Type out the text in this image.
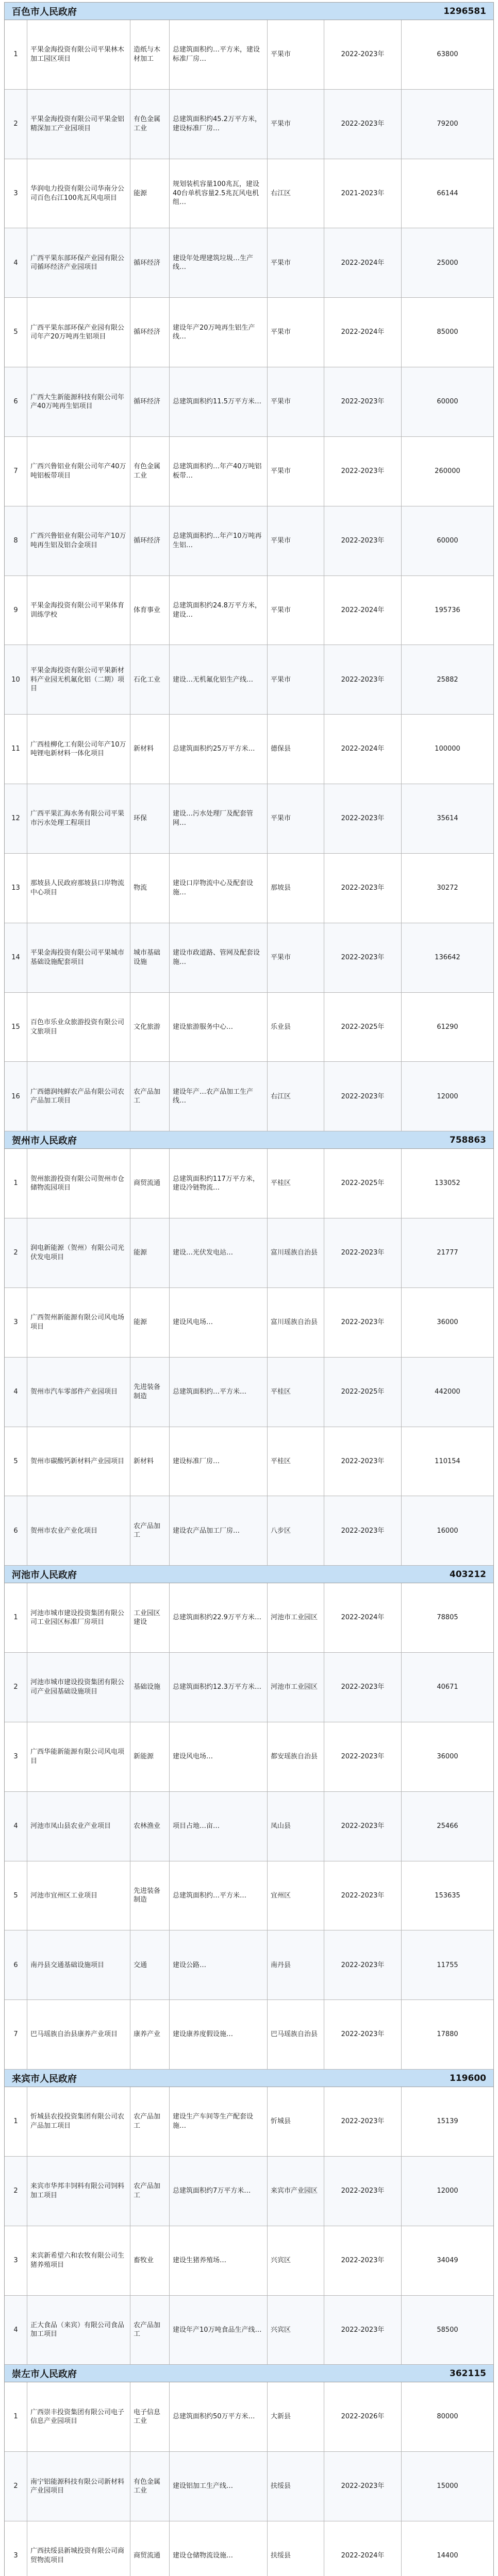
百色市人民政府	1296581
1
平果金海投资有限公司平果林木加工园区项目
造纸与木材加工
总建筑面积约…平方米，建设标准厂房…
平果市	2022-2023年	63800
2
平果金海投资有限公司平果金铝精深加工产业园项目
有色金属工业
总建筑面积约45.2万平方米，建设标准厂房…
平果市	2022-2023年	79200
3
华润电力投资有限公司华南分公司百色右江100兆瓦风电项目
能源
规划装机容量100兆瓦，建设40台单机容量2.5兆瓦风电机组…
右江区	2021-2023年	66144
4
广西平果东部环保产业园有限公司循环经济产业园项目
循环经济
建设年处理建筑垃圾…生产线…
平果市	2022-2024年	25000
5
广西平果东部环保产业园有限公司年产20万吨再生铝项目
循环经济
建设年产20万吨再生铝生产线…
平果市	2022-2024年	85000
6
广西大生新能源科技有限公司年产40万吨再生铝项目
循环经济	总建筑面积约11.5万平方米…	平果市	2022-2023年	60000
7
广西兴鲁铝业有限公司年产40万吨铝板带项目
有色金属工业
总建筑面积约…年产40万吨铝板带…
平果市	2022-2023年	260000
8
广西兴鲁铝业有限公司年产10万吨再生铝及铝合金项目
循环经济
总建筑面积约…年产10万吨再生铝…
平果市	2022-2023年	60000
9
平果金海投资有限公司平果体育训练学校
体育事业
总建筑面积约24.8万平方米，建设…
平果市	2022-2024年	195736
10
平果金海投资有限公司平果新材料产业园无机氟化铝（二期）项目
石化工业	建设…无机氟化铝生产线…	平果市	2022-2023年	25882
11
广西桂柳化工有限公司年产10万吨锂电新材料一体化项目
新材料	总建筑面积约25万平方米…	德保县	2022-2024年	100000
12
广西平果汇海水务有限公司平果市污水处理工程项目
环保
建设…污水处理厂及配套管网…
平果市	2022-2023年	35614
13
那坡县人民政府那坡县口岸物流中心项目
物流
建设口岸物流中心及配套设施…
那坡县	2022-2023年	30272
14
平果金海投资有限公司平果城市基础设施配套项目
城市基础设施
建设市政道路、管网及配套设施…
平果市	2022-2023年	136642
15
百色市乐业众旅游投资有限公司文旅项目
文化旅游	建设旅游服务中心…	乐业县	2022-2025年	61290
16
广西德润纯鲜农产品有限公司农产品加工项目
农产品加工
建设年产…农产品加工生产线…
右江区	2022-2023年	12000
贺州市人民政府	758863
1
贺州旅游投资有限公司贺州市仓储物流园项目
商贸流通
总建筑面积约117万平方米，建设冷链物流…
平桂区	2022-2025年	133052
2
润电新能源（贺州）有限公司光伏发电项目
能源	建设…光伏发电站…	富川瑶族自治县	2022-2023年	21777
3
广西贺州新能源有限公司风电场项目
能源	建设风电场…	富川瑶族自治县	2022-2023年	36000
4	贺州市汽车零部件产业园项目
先进装备制造
总建筑面积约…平方米…	平桂区	2022-2025年	442000
5	贺州市碳酸钙新材料产业园项目	新材料	建设标准厂房…	平桂区	2022-2023年	110154
6	贺州市农业产业化项目
农产品加工
建设农产品加工厂房…	八步区	2022-2023年	16000
河池市人民政府	403212
1
河池市城市建设投资集团有限公司工业园区标准厂房项目
工业园区建设
总建筑面积约22.9万平方米…	河池市工业园区	2022-2024年	78805
2
河池市城市建设投资集团有限公司产业园基础设施项目
基础设施	总建筑面积约12.3万平方米…	河池市工业园区	2022-2023年	40671
3
广西华能新能源有限公司风电项目
新能源	建设风电场…	都安瑶族自治县	2022-2023年	36000
4	河池市凤山县农业产业项目	农林渔业	项目占地…亩…	凤山县	2022-2023年	25466
5	河池市宜州区工业项目
先进装备制造
总建筑面积约…平方米…	宜州区	2022-2023年	153635
6	南丹县交通基础设施项目	交通	建设公路…	南丹县	2022-2023年	11755
7	巴马瑶族自治县康养产业项目	康养产业	建设康养度假设施…	巴马瑶族自治县	2022-2023年	17880
来宾市人民政府	119600
1
忻城县农投投资集团有限公司农产品加工项目
农产品加工
建设生产车间等生产配套设施…
忻城县	2022-2023年	15139
2
来宾市华邦丰饲料有限公司饲料加工项目
农产品加工
总建筑面积约7万平方米…	来宾市产业园区	2022-2023年	12000
3
来宾新希望六和农牧有限公司生猪养殖项目
畜牧业	建设生猪养殖场…	兴宾区	2022-2023年	34049
4
正大食品（来宾）有限公司食品加工项目
农产品加工
建设年产10万吨食品生产线…	兴宾区	2022-2023年	58500
崇左市人民政府	362115
1
广西崇丰投资集团有限公司电子信息产业园项目
电子信息工业
总建筑面积约50万平方米…	大新县	2022-2026年	80000
2
南宁铝能源科技有限公司新材料产业园项目
有色金属工业
建设铝加工生产线…	扶绥县	2022-2023年	15000
3
广西扶绥县新城投资有限公司商贸物流项目
商贸流通	建设仓储物流设施…	扶绥县	2022-2024年	14400
